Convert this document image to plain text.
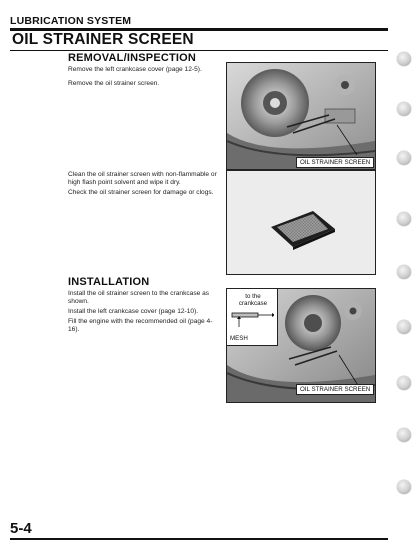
LUBRICATION SYSTEM
OIL STRAINER SCREEN
REMOVAL/INSPECTION
Remove the left crankcase cover (page 12-5).
Remove the oil strainer screen.
OIL STRAINER SCREEN
Clean the oil strainer screen with non-flammable or high flash point solvent and wipe it dry.
Check the oil strainer screen for damage or clogs.
INSTALLATION
Install the oil strainer screen to the crankcase as shown.
Install the left crankcase cover (page 12-10).
Fill the engine with the recommended oil (page 4-16).
to the crankcase
MESH
OIL STRAINER SCREEN
5-4
